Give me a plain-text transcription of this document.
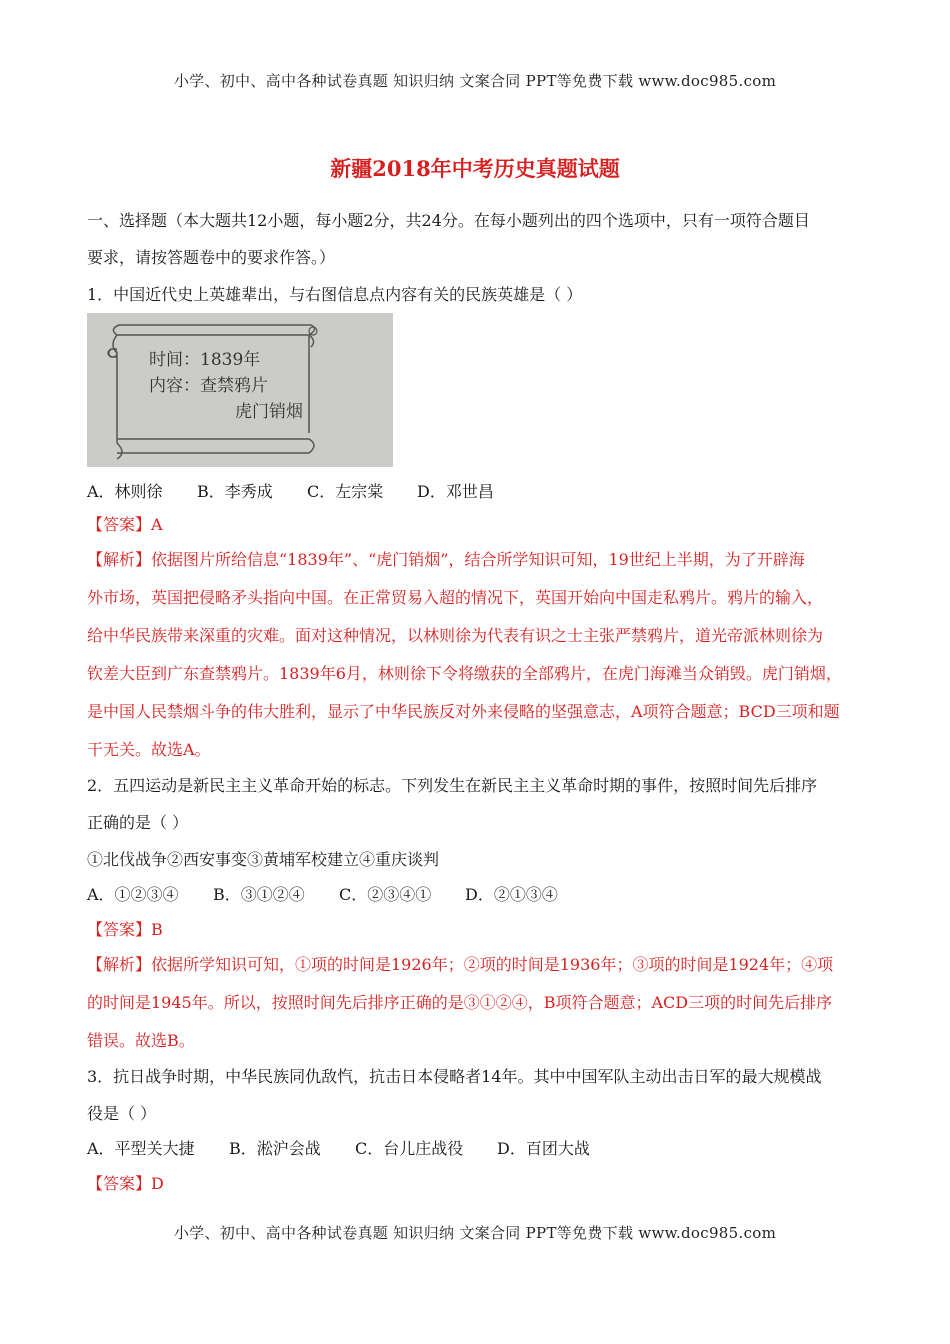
小学、初中、高中各种试卷真题 知识归纳 文案合同 PPT等免费下载 www.doc985.com
新疆2018年中考历史真题试题
一、选择题（本大题共12小题，每小题2分，共24分。在每小题列出的四个选项中，只有一项符合题目
要求，请按答题卷中的要求作答。）
1．中国近代史上英雄辈出，与右图信息点内容有关的民族英雄是（ ）
时间：1839年
内容：查禁鸦片
虎门销烟
A．林则徐 B．李秀成 C．左宗棠 D．邓世昌
【答案】A
【解析】依据图片所给信息“1839年”、“虎门销烟”，结合所学知识可知，19世纪上半期，为了开辟海
外市场，英国把侵略矛头指向中国。在正常贸易入超的情况下，英国开始向中国走私鸦片。鸦片的输入，
给中华民族带来深重的灾难。面对这种情况，以林则徐为代表有识之士主张严禁鸦片，道光帝派林则徐为
钦差大臣到广东查禁鸦片。1839年6月，林则徐下令将缴获的全部鸦片，在虎门海滩当众销毁。虎门销烟，
是中国人民禁烟斗争的伟大胜利，显示了中华民族反对外来侵略的坚强意志，A项符合题意；BCD三项和题
干无关。故选A。
2．五四运动是新民主主义革命开始的标志。下列发生在新民主主义革命时期的事件，按照时间先后排序
正确的是（ ）
①北伐战争②西安事变③黄埔军校建立④重庆谈判
A．①②③④ B．③①②④ C．②③④① D．②①③④
【答案】B
【解析】依据所学知识可知，①项的时间是1926年；②项的时间是1936年；③项的时间是1924年；④项
的时间是1945年。所以，按照时间先后排序正确的是③①②④，B项符合题意；ACD三项的时间先后排序
错误。故选B。
3．抗日战争时期，中华民族同仇敌忾，抗击日本侵略者14年。其中中国军队主动出击日军的最大规模战
役是（ ）
A．平型关大捷 B．淞沪会战 C．台儿庄战役 D．百团大战
【答案】D
小学、初中、高中各种试卷真题 知识归纳 文案合同 PPT等免费下载 www.doc985.com
